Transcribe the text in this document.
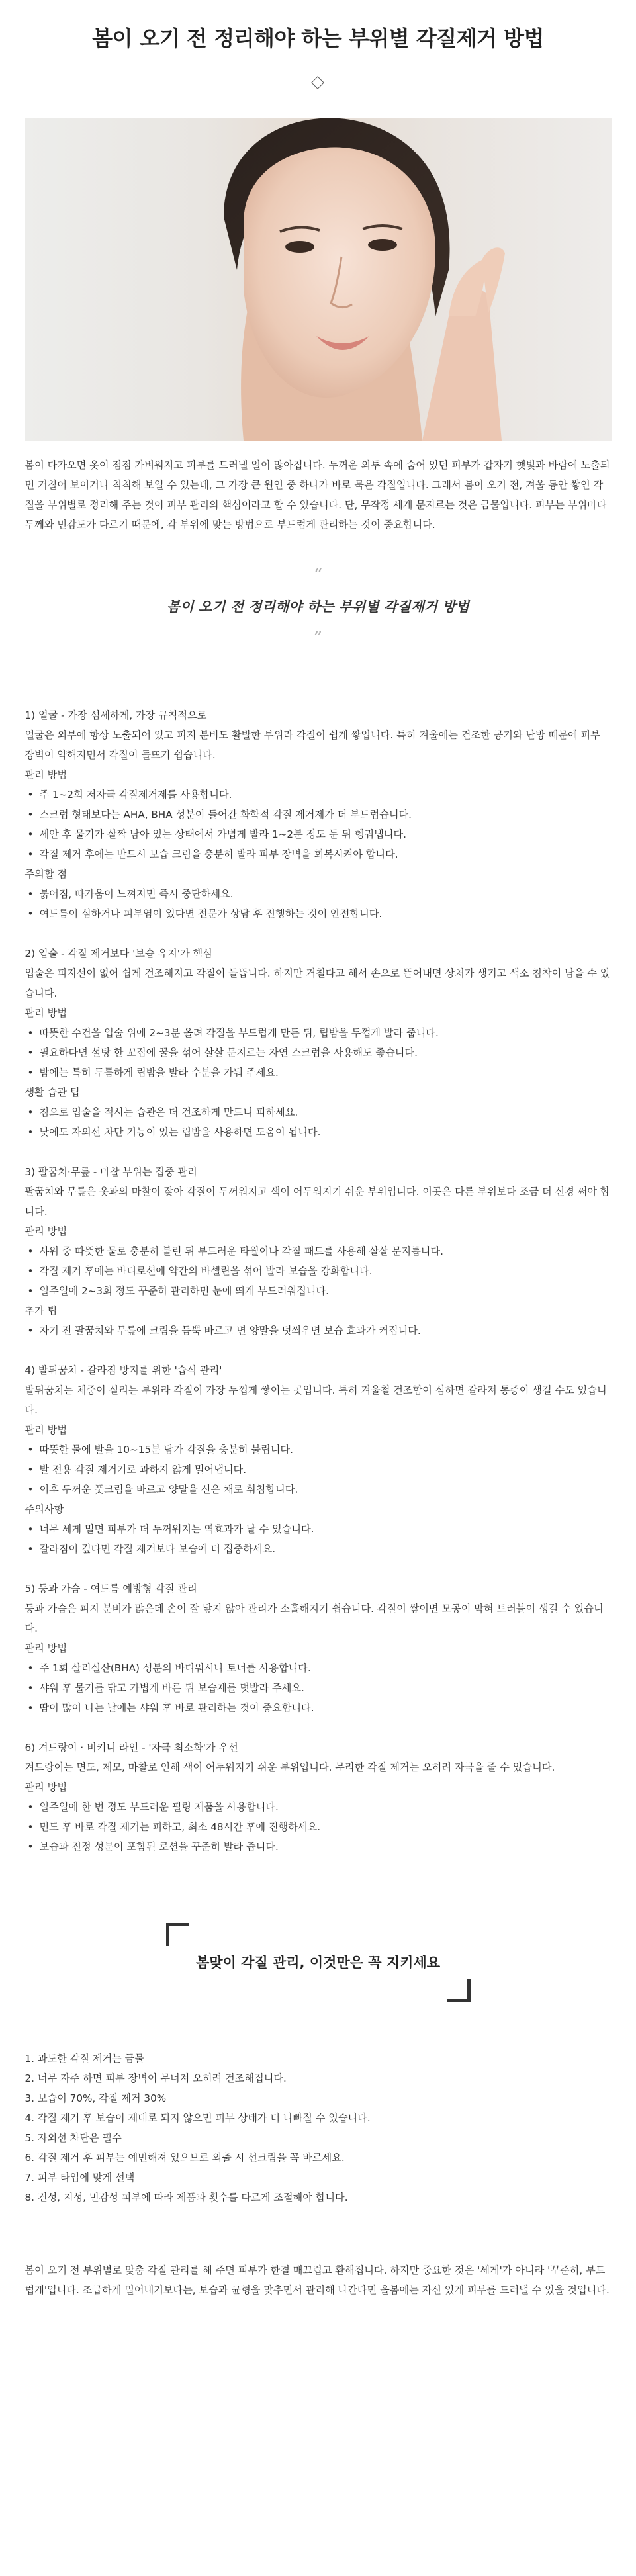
봄이 오기 전 정리해야 하는 부위별 각질제거 방법

봄이 다가오면 옷이 점점 가벼워지고 피부를 드러낼 일이 많아집니다. 두꺼운 외투 속에 숨어 있던 피부가 갑자기 햇빛과 바람에 노출되면 거칠어 보이거나 칙칙해 보일 수 있는데, 그 가장 큰 원인 중 하나가 바로 묵은 각질입니다. 그래서 봄이 오기 전, 겨울 동안 쌓인 각질을 부위별로 정리해 주는 것이 피부 관리의 핵심이라고 할 수 있습니다. 단, 무작정 세게 문지르는 것은 금물입니다. 피부는 부위마다 두께와 민감도가 다르기 때문에, 각 부위에 맞는 방법으로 부드럽게 관리하는 것이 중요합니다.

“
봄이 오기 전 정리해야 하는 부위별 각질제거 방법
”

1) 얼굴 - 가장 섬세하게, 가장 규칙적으로

얼굴은 외부에 항상 노출되어 있고 피지 분비도 활발한 부위라 각질이 쉽게 쌓입니다. 특히 겨울에는 건조한 공기와 난방 때문에 피부 장벽이 약해지면서 각질이 들뜨기 쉽습니다.

관리 방법

• 주 1~2회 저자극 각질제거제를 사용합니다.
• 스크럽 형태보다는 AHA, BHA 성분이 들어간 화학적 각질 제거제가 더 부드럽습니다.
• 세안 후 물기가 살짝 남아 있는 상태에서 가볍게 발라 1~2분 정도 둔 뒤 헹궈냅니다.
• 각질 제거 후에는 반드시 보습 크림을 충분히 발라 피부 장벽을 회복시켜야 합니다.

주의할 점

• 붉어짐, 따가움이 느껴지면 즉시 중단하세요.
• 여드름이 심하거나 피부염이 있다면 전문가 상담 후 진행하는 것이 안전합니다.

2) 입술 - 각질 제거보다 '보습 유지'가 핵심

입술은 피지선이 없어 쉽게 건조해지고 각질이 들뜹니다. 하지만 거칠다고 해서 손으로 뜯어내면 상처가 생기고 색소 침착이 남을 수 있습니다.

관리 방법

• 따뜻한 수건을 입술 위에 2~3분 올려 각질을 부드럽게 만든 뒤, 립밤을 두껍게 발라 줍니다.
• 필요하다면 설탕 한 꼬집에 꿀을 섞어 살살 문지르는 자연 스크럽을 사용해도 좋습니다.
• 밤에는 특히 두툼하게 립밤을 발라 수분을 가둬 주세요.

생활 습관 팁

• 침으로 입술을 적시는 습관은 더 건조하게 만드니 피하세요.
• 낮에도 자외선 차단 기능이 있는 립밤을 사용하면 도움이 됩니다.

3) 팔꿈치·무릎 - 마찰 부위는 집중 관리

팔꿈치와 무릎은 옷과의 마찰이 잦아 각질이 두꺼워지고 색이 어두워지기 쉬운 부위입니다. 이곳은 다른 부위보다 조금 더 신경 써야 합니다.

관리 방법

• 샤워 중 따뜻한 물로 충분히 불린 뒤 부드러운 타월이나 각질 패드를 사용해 살살 문지릅니다.
• 각질 제거 후에는 바디로션에 약간의 바셀린을 섞어 발라 보습을 강화합니다.
• 일주일에 2~3회 정도 꾸준히 관리하면 눈에 띄게 부드러워집니다.

추가 팁

• 자기 전 팔꿈치와 무릎에 크림을 듬뿍 바르고 면 양말을 덧씌우면 보습 효과가 커집니다.

4) 발뒤꿈치 - 갈라짐 방지를 위한 '습식 관리'

발뒤꿈치는 체중이 실리는 부위라 각질이 가장 두껍게 쌓이는 곳입니다. 특히 겨울철 건조함이 심하면 갈라져 통증이 생길 수도 있습니다.

관리 방법

• 따뜻한 물에 발을 10~15분 담가 각질을 충분히 불립니다.
• 발 전용 각질 제거기로 과하지 않게 밀어냅니다.
• 이후 두꺼운 풋크림을 바르고 양말을 신은 채로 휘침합니다.

주의사항

• 너무 세게 밀면 피부가 더 두꺼워지는 역효과가 날 수 있습니다.
• 갈라짐이 깊다면 각질 제거보다 보습에 더 집중하세요.

5) 등과 가슴 - 여드름 예방형 각질 관리

등과 가슴은 피지 분비가 많은데 손이 잘 닿지 않아 관리가 소홀해지기 쉽습니다. 각질이 쌓이면 모공이 막혀 트러블이 생길 수 있습니다.

관리 방법

• 주 1회 살리실산(BHA) 성분의 바디워시나 토너를 사용합니다.
• 샤워 후 물기를 닦고 가볍게 바른 뒤 보습제를 덧발라 주세요.
• 땀이 많이 나는 날에는 샤워 후 바로 관리하는 것이 중요합니다.

6) 겨드랑이 · 비키니 라인 - '자극 최소화'가 우선

겨드랑이는 면도, 제모, 마찰로 인해 색이 어두워지기 쉬운 부위입니다. 무리한 각질 제거는 오히려 자극을 줄 수 있습니다.

관리 방법

• 일주일에 한 번 정도 부드러운 필링 제품을 사용합니다.
• 면도 후 바로 각질 제거는 피하고, 최소 48시간 후에 진행하세요.
• 보습과 진정 성분이 포함된 로션을 꾸준히 발라 줍니다.
봄맞이 각질 관리, 이것만은 꼭 지키세요
1. 과도한 각질 제거는 금물
2. 너무 자주 하면 피부 장벽이 무너져 오히려 건조해집니다.
3. 보습이 70%, 각질 제거 30%
4. 각질 제거 후 보습이 제대로 되지 않으면 피부 상태가 더 나빠질 수 있습니다.
5. 자외선 차단은 필수
6. 각질 제거 후 피부는 예민해져 있으므로 외출 시 선크림을 꼭 바르세요.
7. 피부 타입에 맞게 선택
8. 건성, 지성, 민감성 피부에 따라 제품과 횟수를 다르게 조절해야 합니다.

봄이 오기 전 부위별로 맞춤 각질 관리를 해 주면 피부가 한결 매끄럽고 환해집니다. 하지만 중요한 것은 '세게'가 아니라 '꾸준히, 부드럽게'입니다. 조급하게 밀어내기보다는, 보습과 균형을 맞추면서 관리해 나간다면 올봄에는 자신 있게 피부를 드러낼 수 있을 것입니다.
